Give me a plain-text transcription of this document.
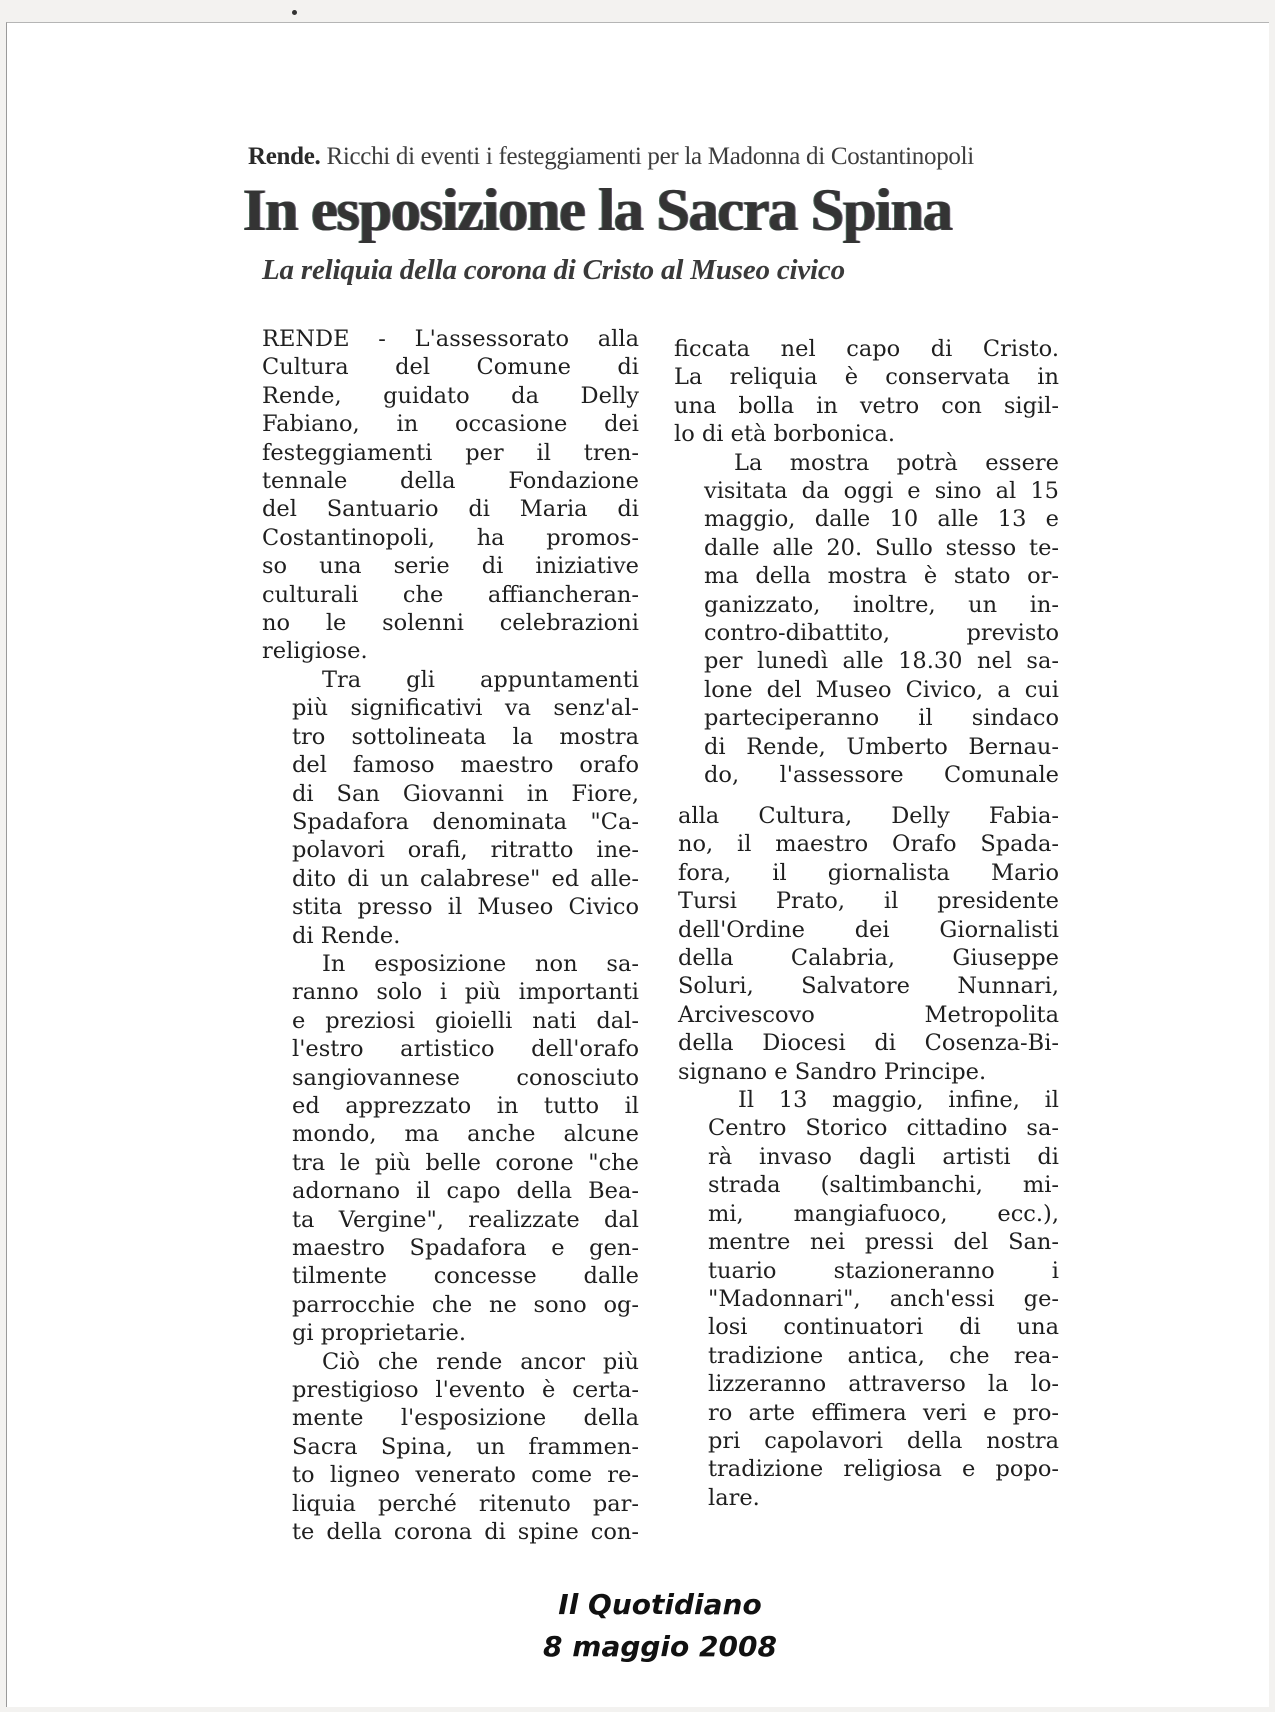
Rende. Ricchi di eventi i festeggiamenti per la Madonna di Costantinopoli
In esposizione la Sacra Spina
La reliquia della corona di Cristo al Museo civico

RENDE - L'assessorato alla
Cultura del Comune di
Rende, guidato da Delly
Fabiano, in occasione dei
festeggiamenti per il tren-
tennale della Fondazione
del Santuario di Maria di
Costantinopoli, ha promos-
so una serie di iniziative
culturali che affiancheran-
no le solenni celebrazioni
religiose.

Tra gli appuntamenti
più significativi va senz'al-
tro sottolineata la mostra
del famoso maestro orafo
di San Giovanni in Fiore,
Spadafora denominata "Ca-
polavori orafi, ritratto ine-
dito di un calabrese" ed alle-
stita presso il Museo Civico
di Rende.

In esposizione non sa-
ranno solo i più importanti
e preziosi gioielli nati dal-
l'estro artistico dell'orafo
sangiovannese conosciuto
ed apprezzato in tutto il
mondo, ma anche alcune
tra le più belle corone "che
adornano il capo della Bea-
ta Vergine", realizzate dal
maestro Spadafora e gen-
tilmente concesse dalle
parrocchie che ne sono og-
gi proprietarie.

Ciò che rende ancor più
prestigioso l'evento è certa-
mente l'esposizione della
Sacra Spina, un frammen-
to ligneo venerato come re-
liquia perché ritenuto par-
te della corona di spine con-

ficcata nel capo di Cristo.
La reliquia è conservata in
una bolla in vetro con sigil-
lo di età borbonica.

La mostra potrà essere
visitata da oggi e sino al 15
maggio, dalle 10 alle 13 e
dalle alle 20. Sullo stesso te-
ma della mostra è stato or-
ganizzato, inoltre, un in-
contro-dibattito, previsto
per lunedì alle 18.30 nel sa-
lone del Museo Civico, a cui
parteciperanno il sindaco
di Rende, Umberto Bernau-
do, l'assessore Comunale

alla Cultura, Delly Fabia-
no, il maestro Orafo Spada-
fora, il giornalista Mario
Tursi Prato, il presidente
dell'Ordine dei Giornalisti
della Calabria, Giuseppe
Soluri, Salvatore Nunnari,
Arcivescovo Metropolita
della Diocesi di Cosenza-Bi-
signano e Sandro Principe.

Il 13 maggio, infine, il
Centro Storico cittadino sa-
rà invaso dagli artisti di
strada (saltimbanchi, mi-
mi, mangiafuoco, ecc.),
mentre nei pressi del San-
tuario stazioneranno i
"Madonnari", anch'essi ge-
losi continuatori di una
tradizione antica, che rea-
lizzeranno attraverso la lo-
ro arte effimera veri e pro-
pri capolavori della nostra
tradizione religiosa e popo-
lare.

Il Quotidiano
8 maggio 2008
